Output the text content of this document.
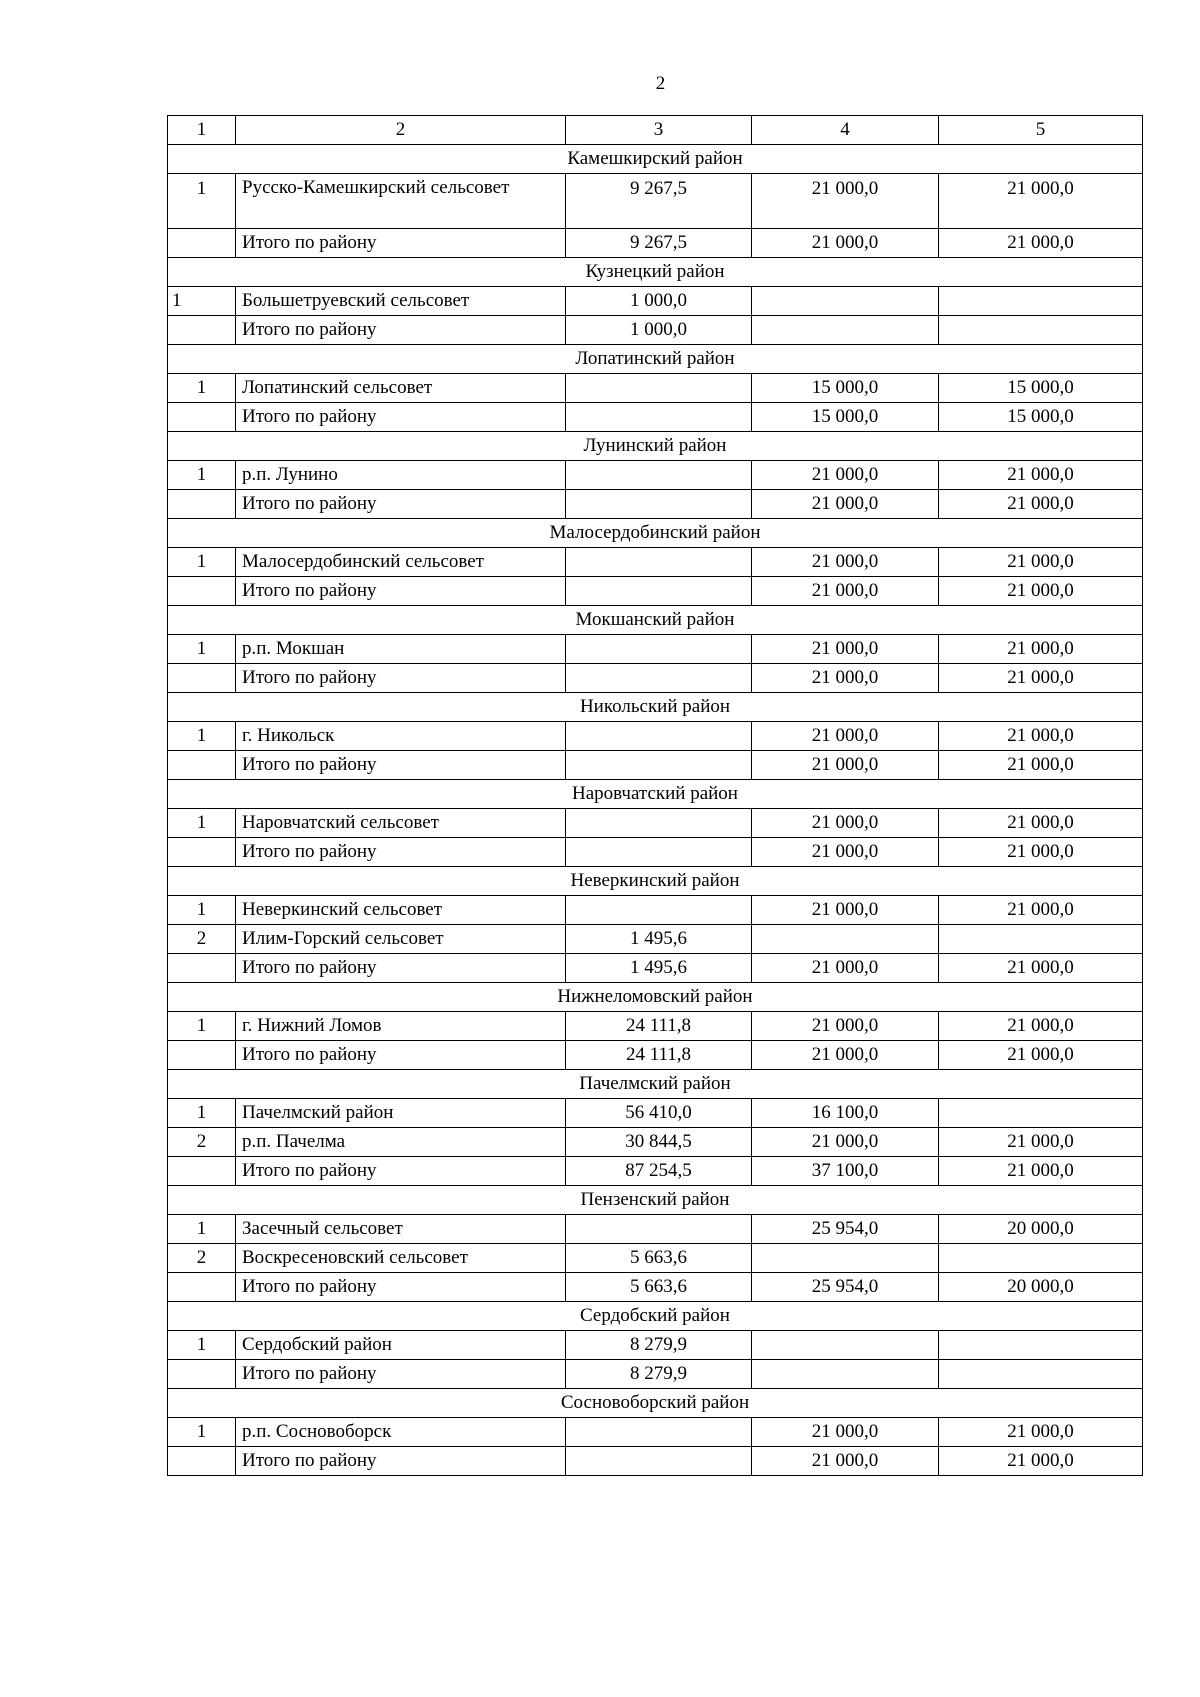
2
1	2	3	4	5
Камешкирский район				
1	Русско-Камешкирский сельсовет	9 267,5	21 000,0	21 000,0
	Итого по району	9 267,5	21 000,0	21 000,0
Кузнецкий район				
1	Большетруевский сельсовет	1 000,0		
	Итого по району	1 000,0		
Лопатинский район				
1	Лопатинский сельсовет		15 000,0	15 000,0
	Итого по району		15 000,0	15 000,0
Лунинский район				
1	р.п. Лунино		21 000,0	21 000,0
	Итого по району		21 000,0	21 000,0
Малосердобинский район				
1	Малосердобинский сельсовет		21 000,0	21 000,0
	Итого по району		21 000,0	21 000,0
Мокшанский район				
1	р.п. Мокшан		21 000,0	21 000,0
	Итого по району		21 000,0	21 000,0
Никольский район				
1	г. Никольск		21 000,0	21 000,0
	Итого по району		21 000,0	21 000,0
Наровчатский район				
1	Наровчатский сельсовет		21 000,0	21 000,0
	Итого по району		21 000,0	21 000,0
Неверкинский район				
1	Неверкинский сельсовет		21 000,0	21 000,0
2	Илим-Горский сельсовет	1 495,6		
	Итого по району	1 495,6	21 000,0	21 000,0
Нижнеломовский район				
1	г. Нижний Ломов	24 111,8	21 000,0	21 000,0
	Итого по району	24 111,8	21 000,0	21 000,0
Пачелмский район				
1	Пачелмский район	56 410,0	16 100,0	
2	р.п. Пачелма	30 844,5	21 000,0	21 000,0
	Итого по району	87 254,5	37 100,0	21 000,0
Пензенский район				
1	Засечный сельсовет		25 954,0	20 000,0
2	Воскресеновский сельсовет	5 663,6		
	Итого по району	5 663,6	25 954,0	20 000,0
Сердобский район				
1	Сердобский район	8 279,9		
	Итого по району	8 279,9		
Сосновоборский район				
1	р.п. Сосновоборск		21 000,0	21 000,0
	Итого по району		21 000,0	21 000,0
